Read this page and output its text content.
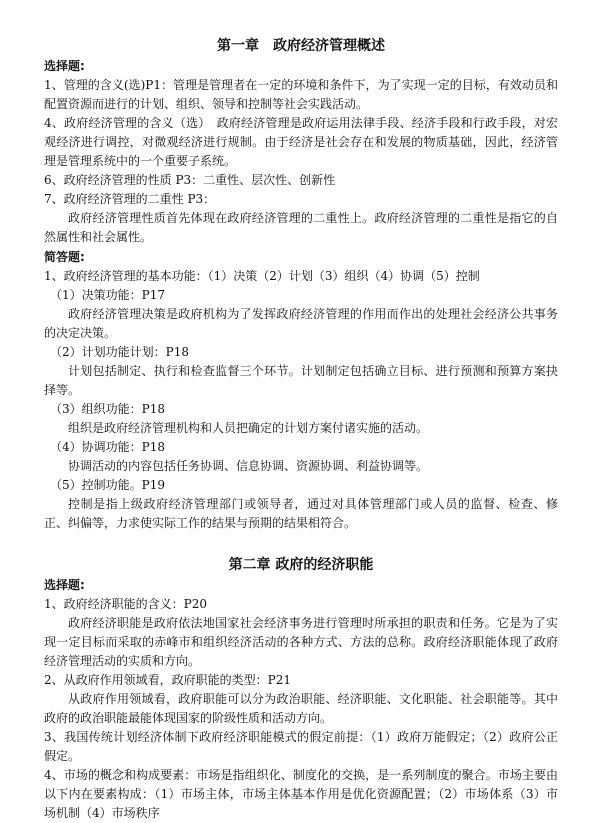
第一章　政府经济管理概述
选择题:

1、管理的含义(选)P1：管理是管理者在一定的环境和条件下，为了实现一定的目标，有效动员和配置资源而进行的计划、组织、领导和控制等社会实践活动。

4、政府经济管理的含义（选）　政府经济管理是政府运用法律手段、经济手段和行政手段，对宏观经济进行调控，对微观经济进行规制。由于经济是社会存在和发展的物质基础，因此，经济管理是管理系统中的一个重要子系统。

6、政府经济管理的性质 P3：二重性、层次性、创新性

7、政府经济管理的二重性 P3：

政府经济管理性质首先体现在政府经济管理的二重性上。政府经济管理的二重性是指它的自然属性和社会属性。

简答题:

1、政府经济管理的基本功能：（1）决策（2）计划（3）组织（4）协调（5）控制

（1）决策功能：P17

政府经济管理决策是政府机构为了发挥政府经济管理的作用而作出的处理社会经济公共事务的决定决策。

（2）计划功能计划：P18

计划包括制定、执行和检查监督三个环节。计划制定包括确立目标、进行预测和预算方案抉择等。

（3）组织功能：P18

组织是政府经济管理机构和人员把确定的计划方案付诸实施的活动。

（4）协调功能：P18

协调活动的内容包括任务协调、信息协调、资源协调、利益协调等。

（5）控制功能。P19

控制是指上级政府经济管理部门或领导者，通过对具体管理部门或人员的监督、检查、修正、纠偏等，力求使实际工作的结果与预期的结果相符合。

第二章 政府的经济职能
选择题:

1、政府经济职能的含义：P20

政府经济职能是政府依法地国家社会经济事务进行管理时所承担的职责和任务。它是为了实现一定目标而采取的赤峰市和组织经济活动的各种方式、方法的总称。政府经济职能体现了政府经济管理活动的实质和方向。

2、从政府作用领域看，政府职能的类型：P21

从政府作用领域看，政府职能可以分为政治职能、经济职能、文化职能、社会职能等。其中政府的政治职能最能体现国家的阶级性质和活动方向。

3、我国传统计划经济体制下政府经济职能模式的假定前提：（1）政府万能假定；（2）政府公正假定。

4、市场的概念和构成要素：市场是指组织化、制度化的交换，是一系列制度的聚合。市场主要由以下内在要素构成：（1）市场主体，市场主体基本作用是优化资源配置；（2）市场体系（3）市场机制（4）市场秩序
